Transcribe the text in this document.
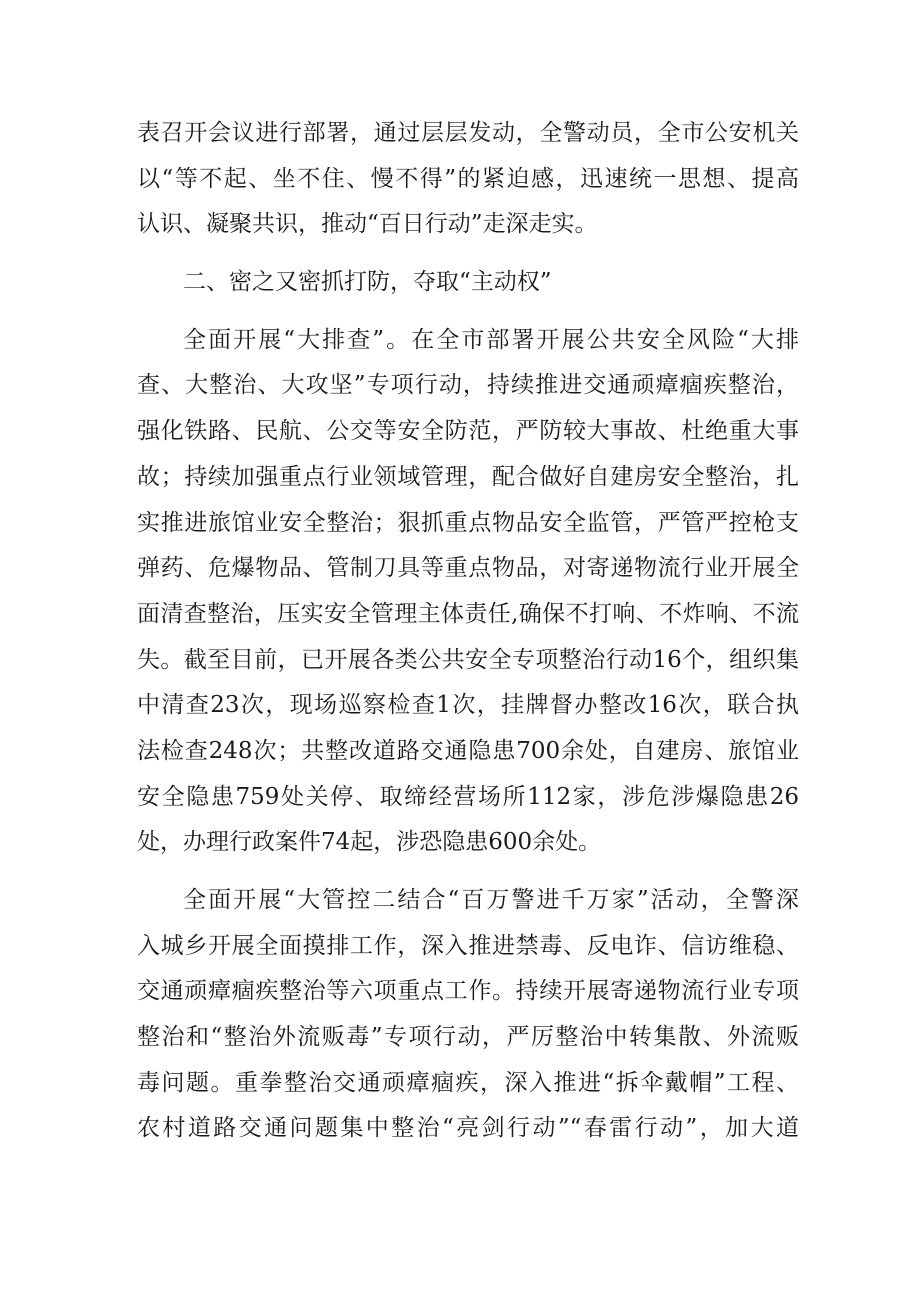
表召开会议进行部署，通过层层发动，全警动员，全市公安机关
以“等不起、坐不住、慢不得”的紧迫感，迅速统一思想、提高
认识、凝聚共识，推动“百日行动”走深走实。
二、密之又密抓打防，夺取“主动权”
全面开展“大排查”。在全市部署开展公共安全风险“大排
查、大整治、大攻坚”专项行动，持续推进交通顽瘴痼疾整治，
强化铁路、民航、公交等安全防范，严防较大事故、杜绝重大事
故；持续加强重点行业领域管理，配合做好自建房安全整治，扎
实推进旅馆业安全整治；狠抓重点物品安全监管，严管严控枪支
弹药、危爆物品、管制刀具等重点物品，对寄递物流行业开展全
面清查整治，压实安全管理主体责任,确保不打响、不炸响、不流
失。截至目前，已开展各类公共安全专项整治行动16个，组织集
中清查23次，现场巡察检查1次，挂牌督办整改16次，联合执
法检查248次；共整改道路交通隐患700余处，自建房、旅馆业
安全隐患759处关停、取缔经营场所112家，涉危涉爆隐患26
处，办理行政案件74起，涉恐隐患600余处。
全面开展“大管控二结合“百万警进千万家”活动，全警深
入城乡开展全面摸排工作，深入推进禁毒、反电诈、信访维稳、
交通顽瘴痼疾整治等六项重点工作。持续开展寄递物流行业专项
整治和“整治外流贩毒”专项行动，严厉整治中转集散、外流贩
毒问题。重拳整治交通顽瘴痼疾，深入推进“拆伞戴帽”工程、
农村道路交通问题集中整治“亮剑行动”“春雷行动”，加大道
